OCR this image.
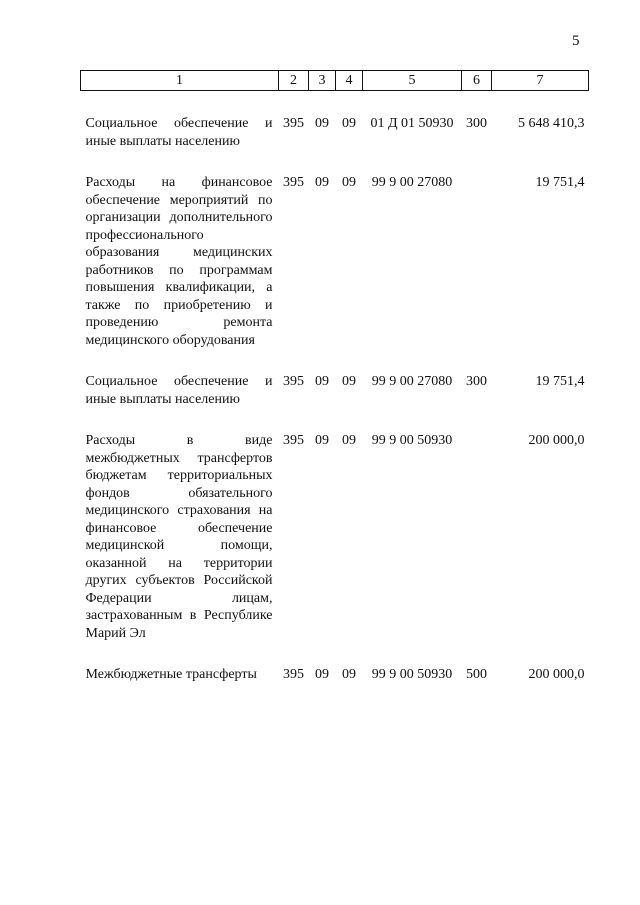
5
1	2	3	4	5	6	7

Социальное обеспечение и иные выплаты населению	395	09	09	01 Д 01 50930	300	5 648 410,3

Расходы на финансовое обеспечение мероприятий по организации дополнительного профессионального образования медицинских работников по программам повышения квалификации, а также по приобретению и проведению ремонта медицинского оборудования	395	09	09	99 9 00 27080		19 751,4

Социальное обеспечение и иные выплаты населению	395	09	09	99 9 00 27080	300	19 751,4

Расходы в виде межбюджетных трансфертов бюджетам территориальных фондов обязательного медицинского страхования на финансовое обеспечение медицинской помощи, оказанной на территории других субъектов Российской Федерации лицам, застрахованным в Республике Марий Эл	395	09	09	99 9 00 50930		200 000,0

Межбюджетные трансферты	395	09	09	99 9 00 50930	500	200 000,0
